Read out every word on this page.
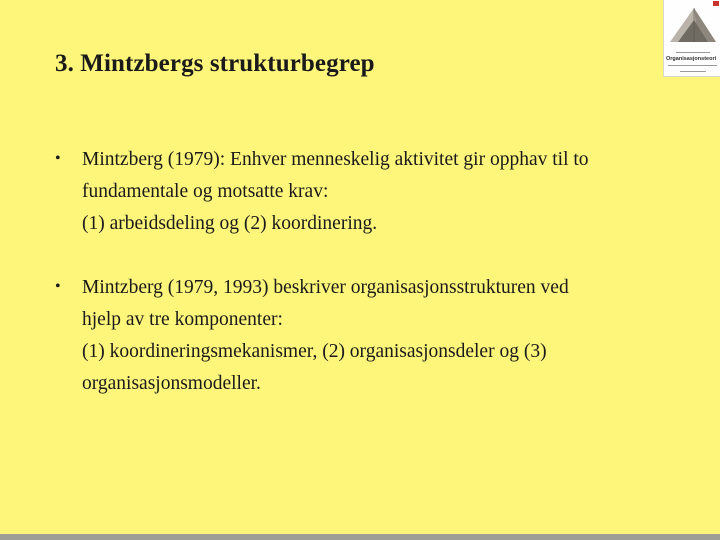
3. Mintzbergs strukturbegrep
• Mintzberg (1979): Enhver menneskelig aktivitet gir opphav til to
fundamentale og motsatte krav:
(1) arbeidsdeling og (2) koordinering.
• Mintzberg (1979, 1993) beskriver organisasjonsstrukturen ved
hjelp av tre komponenter:
(1) koordineringsmekanismer, (2) organisasjonsdeler og (3)
organisasjonsmodeller.
Organisasjonsteori
